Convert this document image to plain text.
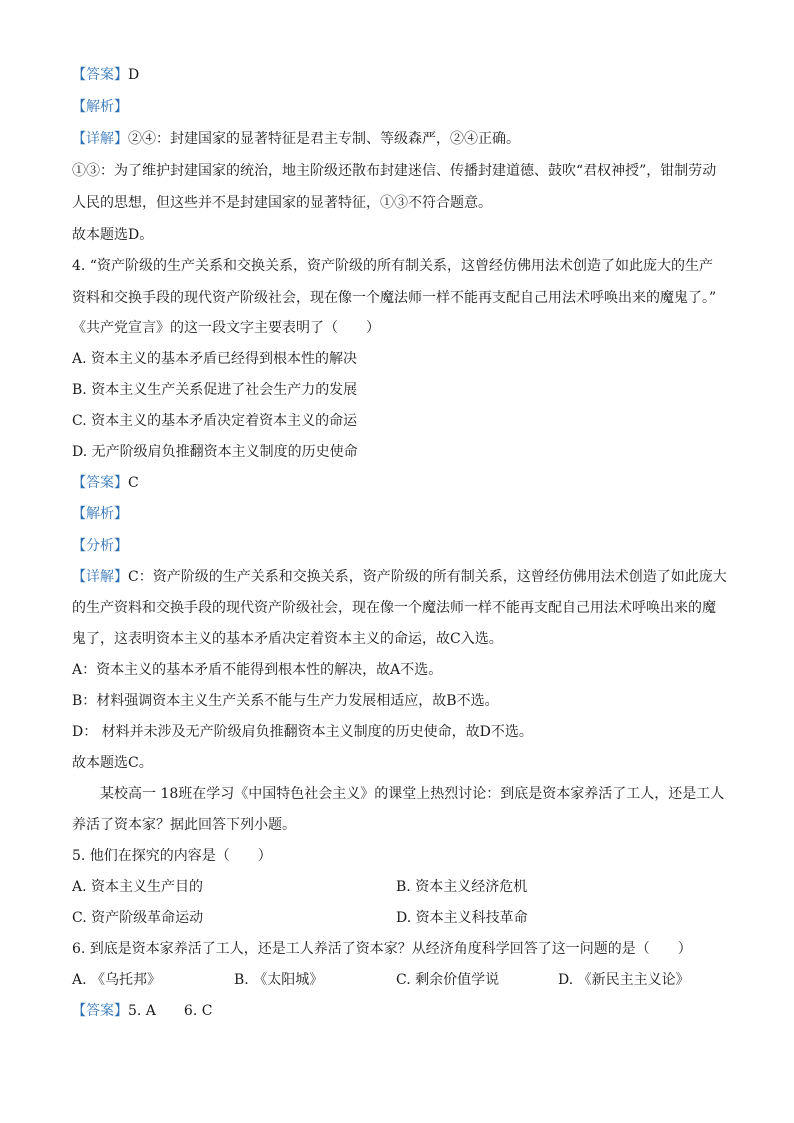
【答案】D
【解析】
【详解】②④：封建国家的显著特征是君主专制、等级森严，②④正确。
①③：为了维护封建国家的统治，地主阶级还散布封建迷信、传播封建道德、鼓吹“君权神授”，钳制劳动
人民的思想，但这些并不是封建国家的显著特征，①③不符合题意。
故本题选D。
4. “资产阶级的生产关系和交换关系，资产阶级的所有制关系，这曾经仿佛用法术创造了如此庞大的生产
资料和交换手段的现代资产阶级社会，现在像一个魔法师一样不能再支配自己用法术呼唤出来的魔鬼了。”
《共产党宣言》的这一段文字主要表明了（　　）
A. 资本主义的基本矛盾已经得到根本性的解决
B. 资本主义生产关系促进了社会生产力的发展
C. 资本主义的基本矛盾决定着资本主义的命运
D. 无产阶级肩负推翻资本主义制度的历史使命
【答案】C
【解析】
【分析】
【详解】C：资产阶级的生产关系和交换关系，资产阶级的所有制关系，这曾经仿佛用法术创造了如此庞大
的生产资料和交换手段的现代资产阶级社会，现在像一个魔法师一样不能再支配自己用法术呼唤出来的魔
鬼了，这表明资本主义的基本矛盾决定着资本主义的命运，故C入选。
A：资本主义的基本矛盾不能得到根本性的解决，故A不选。
B：材料强调资本主义生产关系不能与生产力发展相适应，故B不选。
D： 材料并未涉及无产阶级肩负推翻资本主义制度的历史使命，故D不选。
故本题选C。
某校高一 18班在学习《中国特色社会主义》的课堂上热烈讨论：到底是资本家养活了工人，还是工人
养活了资本家？据此回答下列小题。
5. 他们在探究的内容是（　　）
A. 资本主义生产目的	B. 资本主义经济危机
C. 资产阶级革命运动	D. 资本主义科技革命
6. 到底是资本家养活了工人，还是工人养活了资本家？从经济角度科学回答了这一问题的是（　　）
A. 《乌托邦》	B. 《太阳城》	C. 剩余价值学说	D. 《新民主主义论》
【答案】5. A　　6. C
